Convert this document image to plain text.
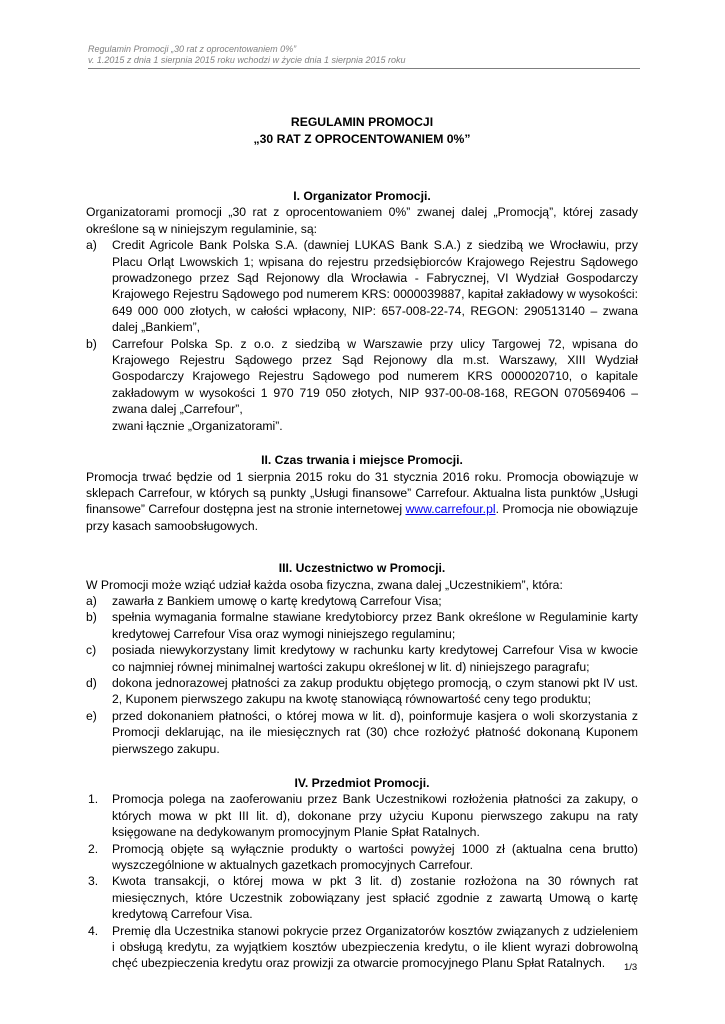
Regulamin Promocji „30 rat z oprocentowaniem 0%”
v. 1.2015 z dnia 1 sierpnia 2015 roku wchodzi w życie dnia 1 sierpnia 2015 roku
REGULAMIN PROMOCJI
„30 RAT Z OPROCENTOWANIEM 0%”
I. Organizator Promocji.
Organizatorami promocji „30 rat z oprocentowaniem 0%” zwanej dalej „Promocją”, której zasady określone są w niniejszym regulaminie, są:
a) Credit Agricole Bank Polska S.A. (dawniej LUKAS Bank S.A.) z siedzibą we Wrocławiu, przy Placu Orląt Lwowskich 1; wpisana do rejestru przedsiębiorców Krajowego Rejestru Sądowego prowadzonego przez Sąd Rejonowy dla Wrocławia - Fabrycznej, VI Wydział Gospodarczy Krajowego Rejestru Sądowego pod numerem KRS: 0000039887, kapitał zakładowy w wysokości: 649 000 000 złotych, w całości wpłacony, NIP: 657-008-22-74, REGON: 290513140 – zwana dalej „Bankiem”,
b) Carrefour Polska Sp. z o.o. z siedzibą w Warszawie przy ulicy Targowej 72, wpisana do Krajowego Rejestru Sądowego przez Sąd Rejonowy dla m.st. Warszawy, XIII Wydział Gospodarczy Krajowego Rejestru Sądowego pod numerem KRS 0000020710, o kapitale zakładowym w wysokości 1 970 719 050 złotych, NIP 937-00-08-168, REGON 070569406 – zwana dalej „Carrefour”,
zwani łącznie „Organizatorami”.
II. Czas trwania i miejsce Promocji.
Promocja trwać będzie od 1 sierpnia 2015 roku do 31 stycznia 2016 roku. Promocja obowiązuje w sklepach Carrefour, w których są punkty „Usługi finansowe” Carrefour. Aktualna lista punktów „Usługi finansowe” Carrefour dostępna jest na stronie internetowej www.carrefour.pl. Promocja nie obowiązuje przy kasach samoobsługowych.
III. Uczestnictwo w Promocji.
W Promocji może wziąć udział każda osoba fizyczna, zwana dalej „Uczestnikiem”, która:
a) zawarła z Bankiem umowę o kartę kredytową Carrefour Visa;
b) spełnia wymagania formalne stawiane kredytobiorcy przez Bank określone w Regulaminie karty kredytowej Carrefour Visa oraz wymogi niniejszego regulaminu;
c) posiada niewykorzystany limit kredytowy w rachunku karty kredytowej Carrefour Visa w kwocie co najmniej równej minimalnej wartości zakupu określonej w lit. d) niniejszego paragrafu;
d) dokona jednorazowej płatności za zakup produktu objętego promocją, o czym stanowi pkt IV ust. 2, Kuponem pierwszego zakupu na kwotę stanowiącą równowartość ceny tego produktu;
e) przed dokonaniem płatności, o której mowa w lit. d), poinformuje kasjera o woli skorzystania z Promocji deklarując, na ile miesięcznych rat (30) chce rozłożyć płatność dokonaną Kuponem pierwszego zakupu.
IV. Przedmiot Promocji.
1. Promocja polega na zaoferowaniu przez Bank Uczestnikowi rozłożenia płatności za zakupy, o których mowa w pkt III lit. d), dokonane przy użyciu Kuponu pierwszego zakupu na raty księgowane na dedykowanym promocyjnym Planie Spłat Ratalnych.
2. Promocją objęte są wyłącznie produkty o wartości powyżej 1000 zł (aktualna cena brutto) wyszczególnione w aktualnych gazetkach promocyjnych Carrefour.
3. Kwota transakcji, o której mowa w pkt 3 lit. d) zostanie rozłożona na 30 równych rat miesięcznych, które Uczestnik zobowiązany jest spłacić zgodnie z zawartą Umową o kartę kredytową Carrefour Visa.
4. Premię dla Uczestnika stanowi pokrycie przez Organizatorów kosztów związanych z udzieleniem i obsługą kredytu, za wyjątkiem kosztów ubezpieczenia kredytu, o ile klient wyrazi dobrowolną chęć ubezpieczenia kredytu oraz prowizji za otwarcie promocyjnego Planu Spłat Ratalnych.	1/3
